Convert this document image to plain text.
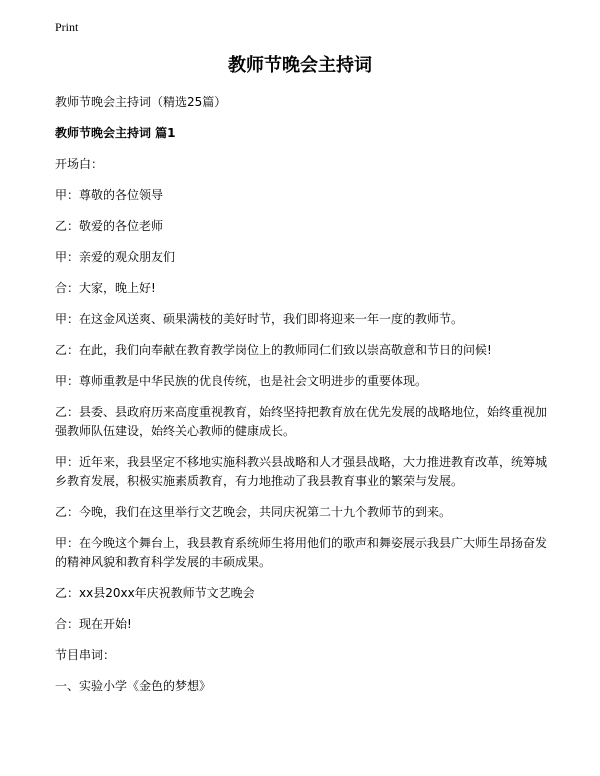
Print
教师节晚会主持词
教师节晚会主持词（精选25篇）
教师节晚会主持词 篇1

开场白：

甲：尊敬的各位领导

乙：敬爱的各位老师

甲：亲爱的观众朋友们

合：大家，晚上好!

甲：在这金风送爽、硕果满枝的美好时节，我们即将迎来一年一度的教师节。

乙：在此，我们向奉献在教育教学岗位上的教师同仁们致以崇高敬意和节日的问候!

甲：尊师重教是中华民族的优良传统，也是社会文明进步的重要体现。

乙：县委、县政府历来高度重视教育，始终坚持把教育放在优先发展的战略地位，始终重视加强教师队伍建设，始终关心教师的健康成长。

甲：近年来，我县坚定不移地实施科教兴县战略和人才强县战略，大力推进教育改革，统筹城乡教育发展，积极实施素质教育，有力地推动了我县教育事业的繁荣与发展。

乙：今晚，我们在这里举行文艺晚会，共同庆祝第二十九个教师节的到来。

甲：在今晚这个舞台上，我县教育系统师生将用他们的歌声和舞姿展示我县广大师生昂扬奋发的精神风貌和教育科学发展的丰硕成果。

乙：xx县20xx年庆祝教师节文艺晚会

合：现在开始!

节目串词：

一、实验小学《金色的梦想》
